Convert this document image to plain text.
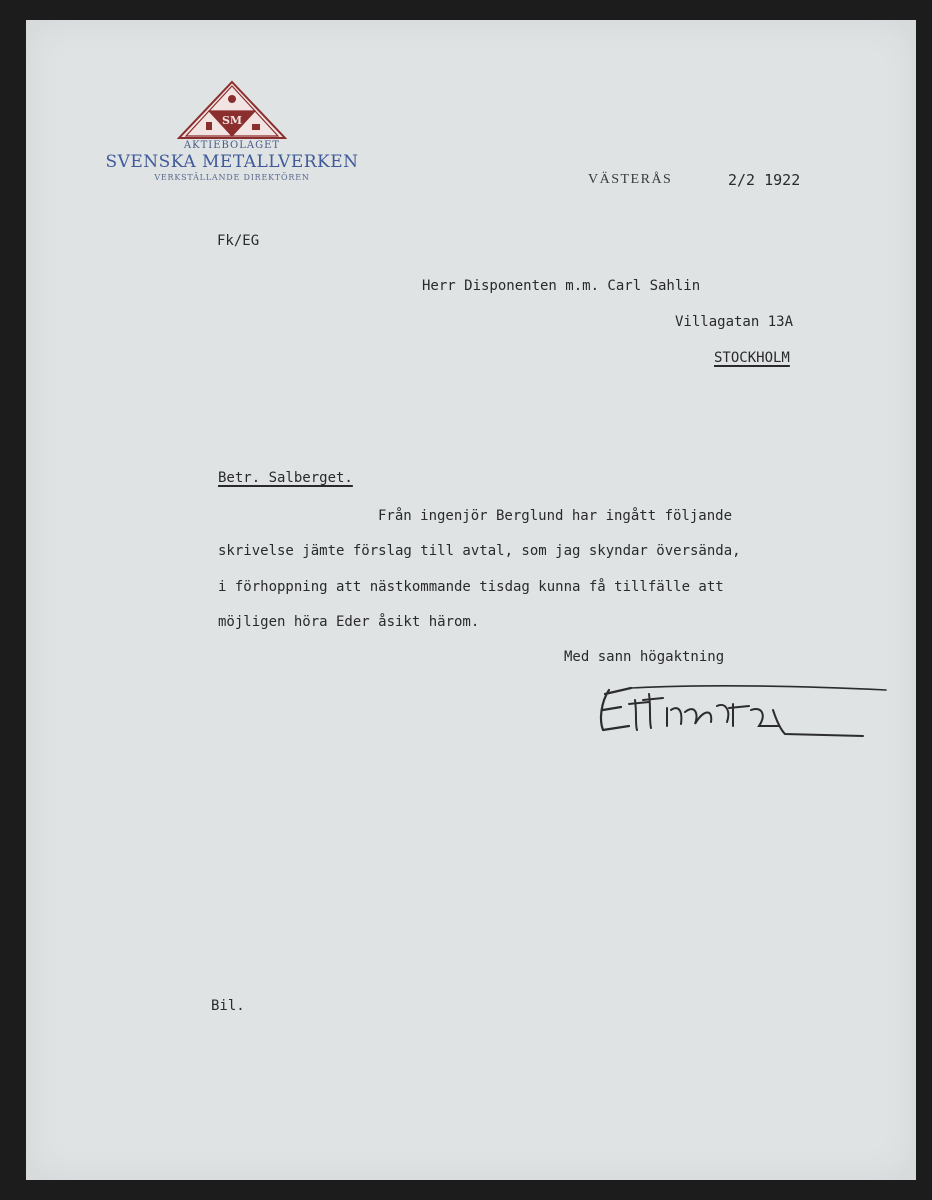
SM
AKTIEBOLAGET
SVENSKA METALLVERKEN
VERKSTÄLLANDE DIREKTÖREN	VÄSTERÅS	2/2 1922
Fk/EG
Herr Disponenten m.m. Carl Sahlin
Villagatan 13A
STOCKHOLM
Betr. Salberget.
Från ingenjör Berglund har ingått följande
skrivelse jämte förslag till avtal, som jag skyndar översända,
i förhoppning att nästkommande tisdag kunna få tillfälle att
möjligen höra Eder åsikt härom.
Med sann högaktning
Bil.
